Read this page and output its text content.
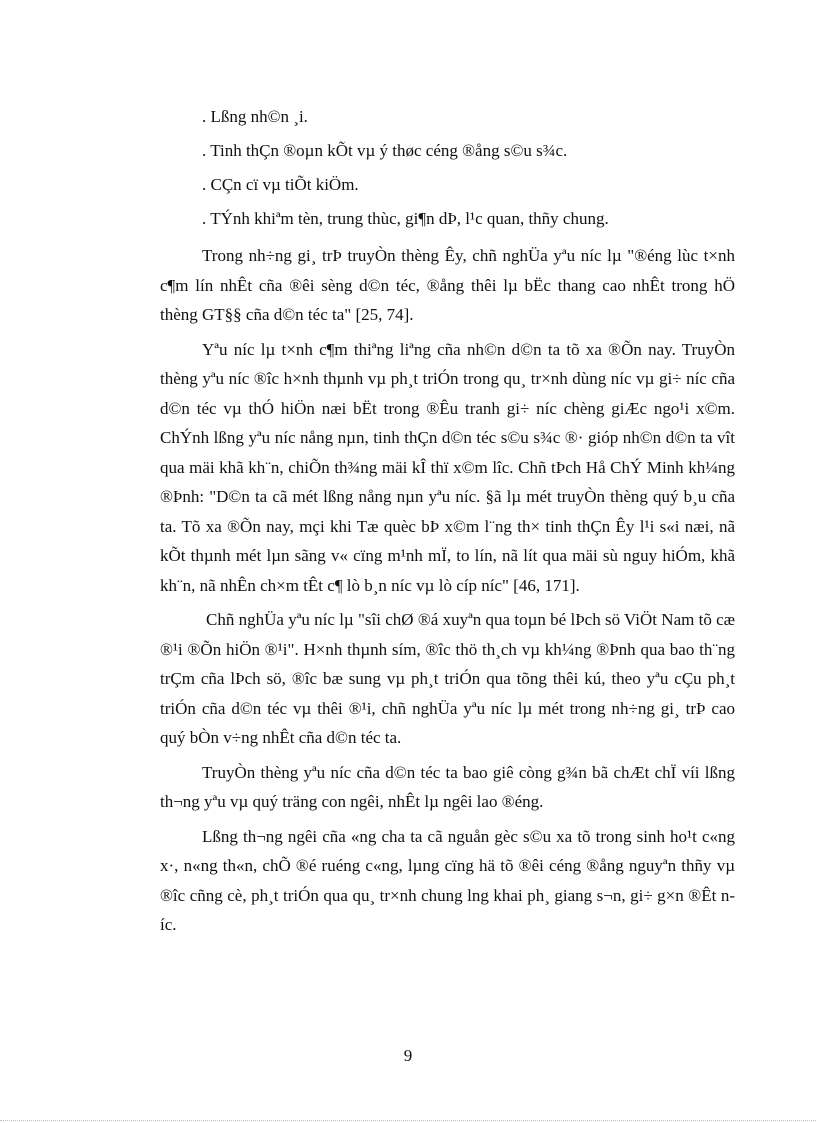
. Lßng nh©n ¸i.

. Tinh thÇn ®oµn kÕt vµ ý thøc céng ®ång s©u s¾c.

. CÇn cï vµ tiÕt kiÖm.

. TÝnh khiªm tèn, trung thùc, gi¶n dÞ, l¹c quan, thñy chung.

Trong nh÷ng gi¸ trÞ truyÒn thèng Êy, chñ nghÜa yªu níc lµ "®éng lùc t×nh c¶m lín nhÊt cña ®êi sèng d©n téc, ®ång thêi lµ bËc thang cao nhÊt trong hÖ thèng GT§§ cña d©n téc ta" [25, 74].

Yªu níc lµ t×nh c¶m thiªng liªng cña nh©n d©n ta tõ xa ®Õn nay. TruyÒn thèng yªu níc ®îc h×nh thµnh vµ ph¸t triÓn trong qu¸ tr×nh dùng níc vµ gi÷ níc cña d©n téc vµ thÓ hiÖn næi bËt trong ®Êu tranh gi÷ níc chèng giÆc ngo¹i x©m. ChÝnh lßng yªu níc nång nµn, tinh thÇn d©n téc s©u s¾c ®· gióp nh©n d©n ta vît qua mäi khã kh¨n, chiÕn th¾ng mäi kÎ thï x©m lîc. Chñ tÞch Hå ChÝ Minh kh¼ng ®Þnh: "D©n ta cã mét lßng nång nµn yªu níc. §ã lµ mét truyÒn thèng quý b¸u cña ta. Tõ xa ®Õn nay, mçi khi Tæ quèc bÞ x©m l¨ng th× tinh thÇn Êy l¹i s«i næi, nã kÕt thµnh mét lµn sãng v« cïng m¹nh mÏ, to lín, nã lít qua mäi sù nguy hiÓm, khã kh¨n, nã nhÊn ch×m tÊt c¶ lò b¸n níc vµ lò cíp níc" [46, 171].

Chñ nghÜa yªu níc lµ "sîi chØ ®á xuyªn qua toµn bé lÞch sö ViÖt Nam tõ cæ ®¹i ®Õn hiÖn ®¹i". H×nh thµnh sím, ®îc thö th¸ch vµ kh¼ng ®Þnh qua bao th¨ng trÇm cña lÞch sö, ®îc bæ sung vµ ph¸t triÓn qua tõng thêi kú, theo yªu cÇu ph¸t triÓn cña d©n téc vµ thêi ®¹i, chñ nghÜa yªu níc lµ mét trong nh÷ng gi¸ trÞ cao quý bÒn v÷ng nhÊt cña d©n téc ta.

TruyÒn thèng yªu níc cña d©n téc ta bao giê còng g¾n bã chÆt chÏ víi lßng th¬ng yªu vµ quý träng con ngêi, nhÊt lµ ngêi lao ®éng.

Lßng th¬ng ngêi cña «ng cha ta cã nguån gèc s©u xa tõ trong sinh ho¹t c«ng x·, n«ng th«n, chÕ ®é ruéng c«ng, lµng cïng hä tõ ®êi céng ®ång nguyªn thñy vµ ®îc cñng cè, ph¸t triÓn qua qu¸ tr×nh chung lng khai ph¸ giang s¬n, gi÷ g×n ®Êt níc.

9
